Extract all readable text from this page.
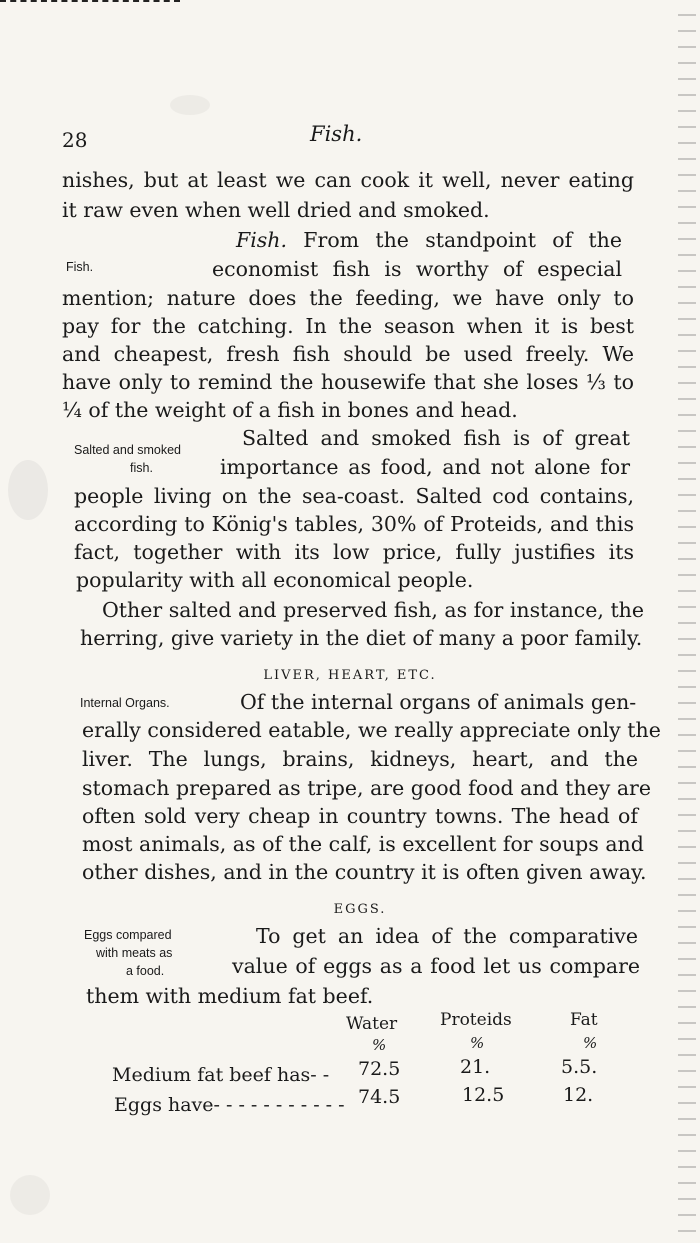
28	Fish.
nishes, but at least we can cook it well, never eating
it raw even when well dried and smoked.
Fish. From the standpoint of the
Fish.	economist fish is worthy of especial
mention; nature does the feeding, we have only to
pay for the catching. In the season when it is best
and cheapest, fresh fish should be used freely. We
have only to remind the housewife that she loses ⅓ to
¼ of the weight of a fish in bones and head.
Salted and smoked	Salted and smoked fish is of great
fish.	importance as food, and not alone for
people living on the sea-coast. Salted cod contains,
according to König's tables, 30% of Proteids, and this
fact, together with its low price, fully justifies its
popularity with all economical people.
Other salted and preserved fish, as for instance, the
herring, give variety in the diet of many a poor family.
LIVER, HEART, ETC.
Internal Organs.	Of the internal organs of animals gen-
erally considered eatable, we really appreciate only the
liver. The lungs, brains, kidneys, heart, and the
stomach prepared as tripe, are good food and they are
often sold very cheap in country towns. The head of
most animals, as of the calf, is excellent for soups and
other dishes, and in the country it is often given away.
EGGS.
Eggs compared
with meats as
a food.
To get an idea of the comparative
value of eggs as a food let us compare
them with medium fat beef.
Water	Proteids	Fat
%	%	%
Medium fat beef has- - 72.5	21.	5.5.
Eggs have- - - - - - - - - - - 74.5	12.5	12.
